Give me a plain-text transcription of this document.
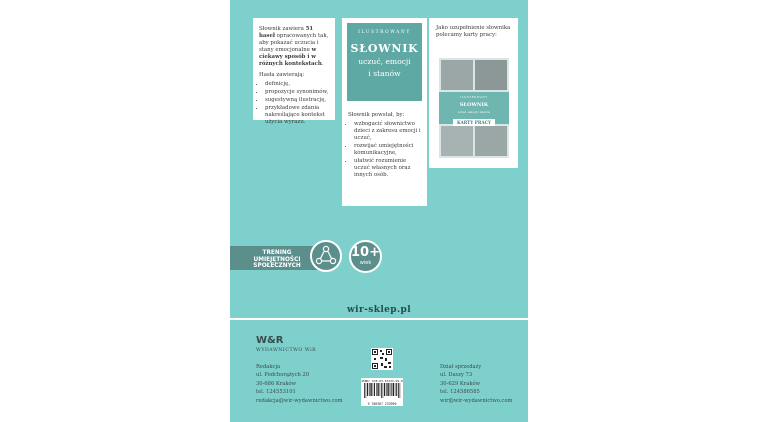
Słownik zawiera 51 haseł opracowanych tak, aby pokazać uczucia i stany emocjonalne w ciekawy sposób i w różnych kontekstach.

Hasła zawierają:

• definicję,
• propozycje synonimów,
• sugestywną ilustrację,
• przykładowe zdania nakreślające kontekst użycia wyrazu.
ILUSTROWANY
SŁOWNIK
uczuć, emocji
i stanów
Słownik powstał, by:
• wzbogacić słownictwo dzieci z zakresu emocji i uczuć,
• rozwijać umiejętności komunikacyjne,
• ułatwić rozumienie uczuć własnych oraz innych osób.
Jako uzupełnienie słownika polecamy karty pracy:
ILUSTROWANY
SŁOWNIK
uczuć, emocji i stanów
KARTY PRACY
TRENING
UMIEJĘTNOŚCI
SPOŁECZNYCH
10+
wiek
wir-sklep.pl
W&R
WYDAWNICTWO WiR
Redakcja
ul. Podchorążych 20
30-686 Kraków
tel. 124553101
redakcja@wir-wydawnictwo.com
ISBN: 978-83-67233-99-0
9 788367 233990
Dział sprzedaży
ul. Daszy 73
30-629 Kraków
tel. 124586585
wir@wir-wydawnictwo.com
